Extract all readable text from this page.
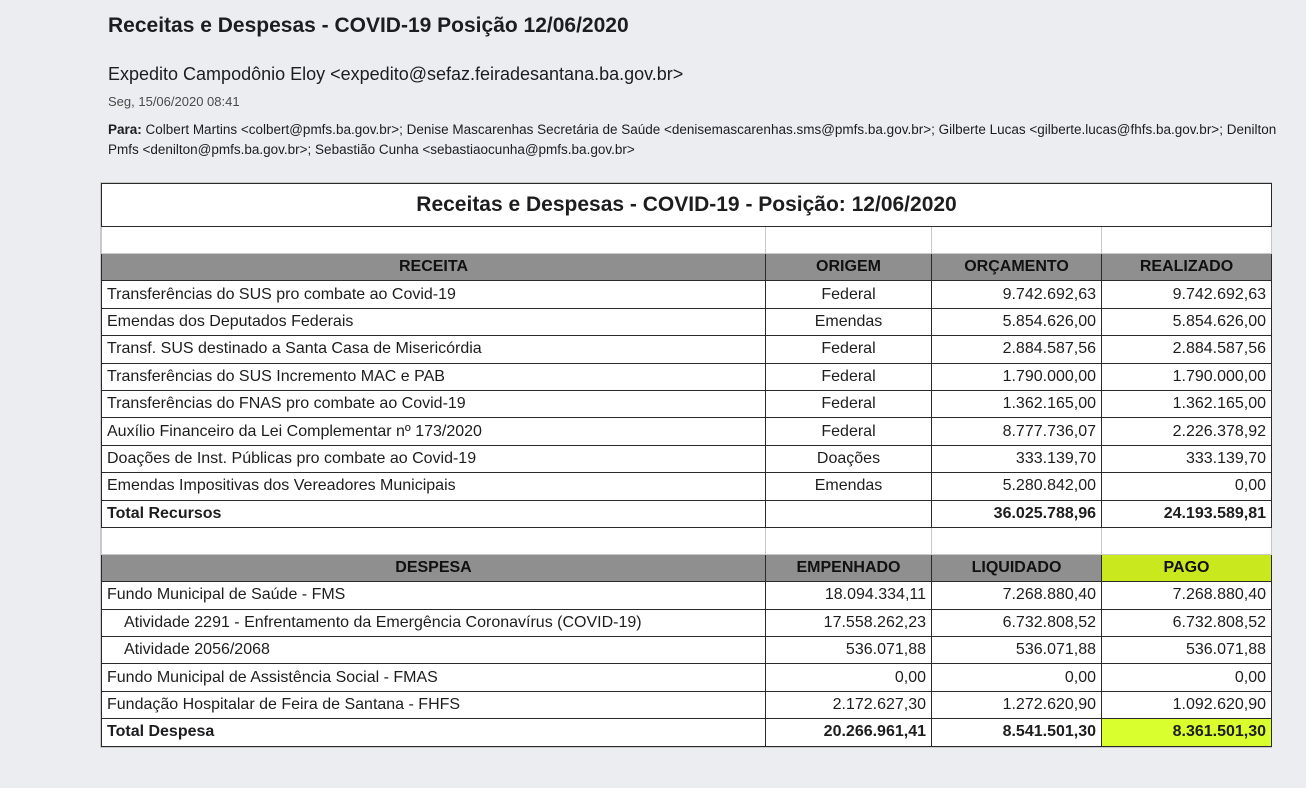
Receitas e Despesas - COVID-19 Posição 12/06/2020
Expedito Campodônio Eloy <expedito@sefaz.feiradesantana.ba.gov.br>
Seg, 15/06/2020 08:41
Para: Colbert Martins <colbert@pmfs.ba.gov.br>; Denise Mascarenhas Secretária de Saúde <denisemascarenhas.sms@pmfs.ba.gov.br>; Gilberte Lucas <gilberte.lucas@fhfs.ba.gov.br>; Denilton Pmfs <denilton@pmfs.ba.gov.br>; Sebastião Cunha <sebastiaocunha@pmfs.ba.gov.br>
Receitas e Despesas - COVID-19 - Posição: 12/06/2020			

RECEITA	ORIGEM	ORÇAMENTO	REALIZADO
Transferências do SUS pro combate ao Covid-19	Federal	9.742.692,63	9.742.692,63
Emendas dos Deputados Federais	Emendas	5.854.626,00	5.854.626,00
Transf. SUS destinado a Santa Casa de Misericórdia	Federal	2.884.587,56	2.884.587,56
Transferências do SUS Incremento MAC e PAB	Federal	1.790.000,00	1.790.000,00
Transferências do FNAS pro combate ao Covid-19	Federal	1.362.165,00	1.362.165,00
Auxílio Financeiro da Lei Complementar nº 173/2020	Federal	8.777.736,07	2.226.378,92
Doações de Inst. Públicas pro combate ao Covid-19	Doações	333.139,70	333.139,70
Emendas Impositivas dos Vereadores Municipais	Emendas	5.280.842,00	0,00
Total Recursos		36.025.788,96	24.193.589,81

DESPESA	EMPENHADO	LIQUIDADO	PAGO
Fundo Municipal de Saúde - FMS	18.094.334,11	7.268.880,40	7.268.880,40
Atividade 2291 - Enfrentamento da Emergência Coronavírus (COVID-19)	17.558.262,23	6.732.808,52	6.732.808,52
Atividade 2056/2068	536.071,88	536.071,88	536.071,88
Fundo Municipal de Assistência Social - FMAS	0,00	0,00	0,00
Fundação Hospitalar de Feira de Santana - FHFS	2.172.627,30	1.272.620,90	1.092.620,90
Total Despesa	20.266.961,41	8.541.501,30	8.361.501,30
